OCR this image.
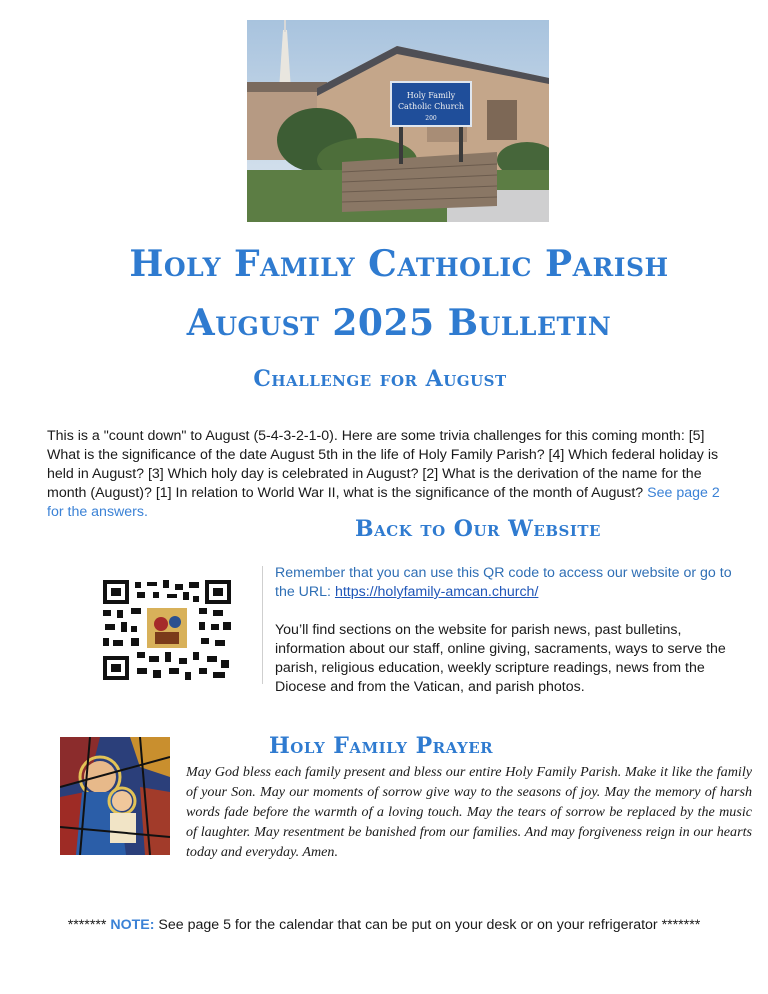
Holy Family
Catholic Church
200
Holy Family Catholic Parish
August 2025 Bulletin
Challenge for August
This is a "count down" to August (5-4-3-2-1-0). Here are some trivia challenges for this coming month: [5] What is the significance of the date August 5th in the life of Holy Family Parish? [4] Which federal holiday is held in August? [3] Which holy day is celebrated in August? [2] What is the derivation of the name for the month (August)? [1] In relation to World War II, what is the significance of the month of August? See page 2 for the answers.
Back to Our Website
Remember that you can use this QR code to access our website or go to the URL: https://holyfamily-amcan.church/
You’ll find sections on the website for parish news, past bulletins, information about our staff, online giving, sacraments, ways to serve the parish, religious education, weekly scripture readings, news from the Diocese and from the Vatican, and parish photos.
Holy Family Prayer
May God bless each family present and bless our entire Holy Family Parish. Make it like the family of your Son. May our moments of sorrow give way to the seasons of joy. May the memory of harsh words fade before the warmth of a loving touch. May the tears of sorrow be replaced by the music of laughter. May resentment be banished from our families. And may forgiveness reign in our hearts today and everyday. Amen.
******* NOTE: See page 5 for the calendar that can be put on your desk or on your refrigerator *******
